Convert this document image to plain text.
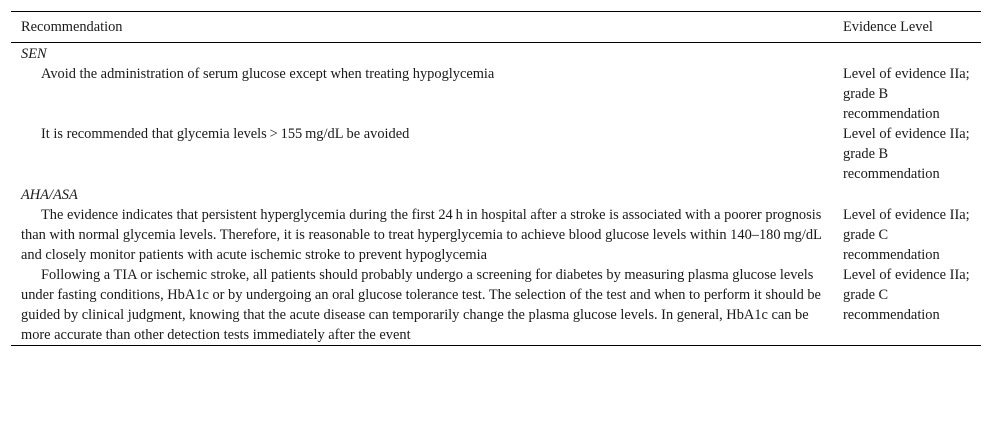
Recommendation	Evidence Level
SEN	
Avoid the administration of serum glucose except when treating hypoglycemia	Level of evidence IIa; grade B recommendation
It is recommended that glycemia levels > 155 mg/dL be avoided	Level of evidence IIa; grade B recommendation
AHA/ASA	
The evidence indicates that persistent hyperglycemia during the first 24 h in hospital after a stroke is associated with a poorer prognosis than with normal glycemia levels. Therefore, it is reasonable to treat hyperglycemia to achieve blood glucose levels within 140–180 mg/dL and closely monitor patients with acute ischemic stroke to prevent hypoglycemia	Level of evidence IIa; grade C recommendation
Following a TIA or ischemic stroke, all patients should probably undergo a screening for diabetes by measuring plasma glucose levels under fasting conditions, HbA1c or by undergoing an oral glucose tolerance test. The selection of the test and when to perform it should be guided by clinical judgment, knowing that the acute disease can temporarily change the plasma glucose levels. In general, HbA1c can be more accurate than other detection tests immediately after the event	Level of evidence IIa; grade C recommendation
